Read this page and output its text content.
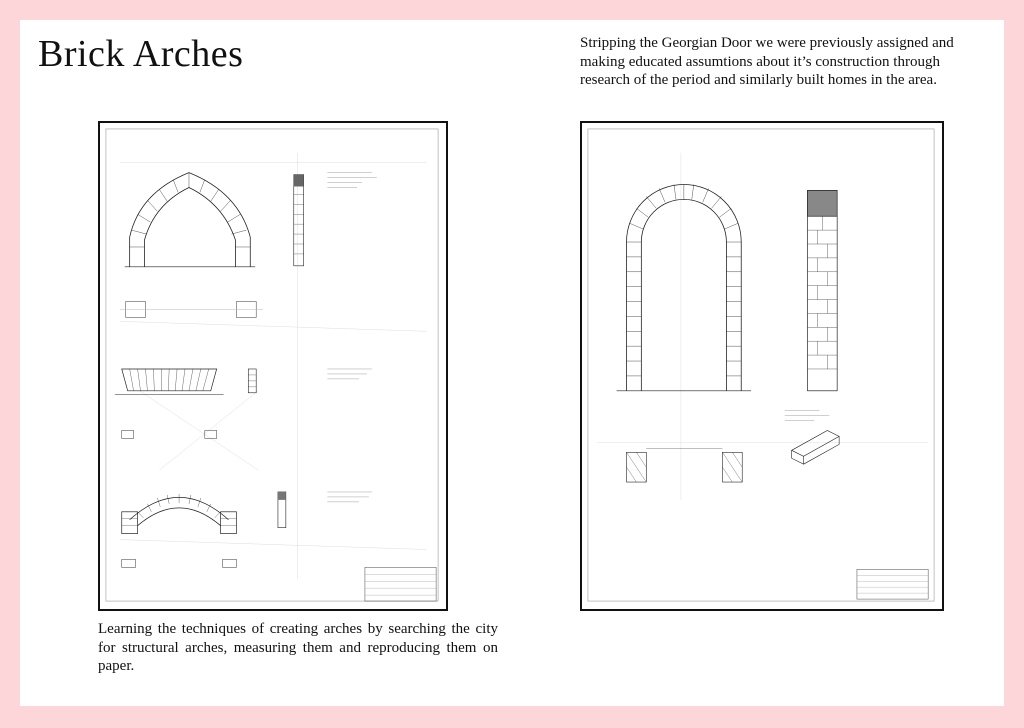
Brick Arches	Stripping the Georgian Door we were previously assigned and making educated assumtions about it’s construction through research of the period and similarly built homes in the area.

Learning the techniques of creating arches by searching the city for structural arches, measuring them and reproducing them on paper.
